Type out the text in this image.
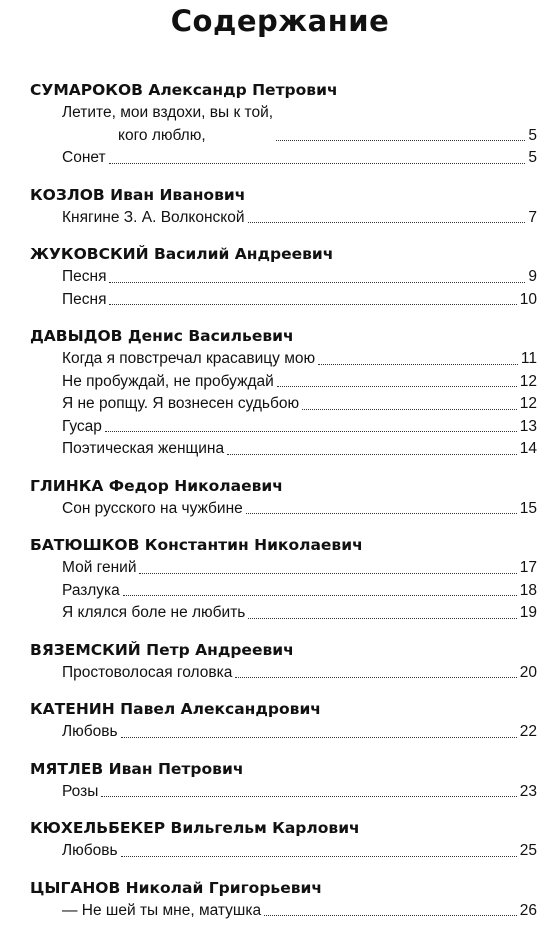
Содержание
СУМАРОКОВ Александр Петрович
Летите, мои вздохи, вы к той,
кого люблю,	5
Сонет	5
КОЗЛОВ Иван Иванович
Княгине З. А. Волконской	7
ЖУКОВСКИЙ Василий Андреевич
Песня	9
Песня	10
ДАВЫДОВ Денис Васильевич
Когда я повстречал красавицу мою	11
Не пробуждай, не пробуждай	12
Я не ропщу. Я вознесен судьбою	12
Гусар	13
Поэтическая женщина	14
ГЛИНКА Федор Николаевич
Сон русского на чужбине	15
БАТЮШКОВ Константин Николаевич
Мой гений	17
Разлука	18
Я клялся боле не любить	19
ВЯЗЕМСКИЙ Петр Андреевич
Простоволосая головка	20
КАТЕНИН Павел Александрович
Любовь	22
МЯТЛЕВ Иван Петрович
Розы	23
КЮХЕЛЬБЕКЕР Вильгельм Карлович
Любовь	25
ЦЫГАНОВ Николай Григорьевич
— Не шей ты мне, матушка	26
